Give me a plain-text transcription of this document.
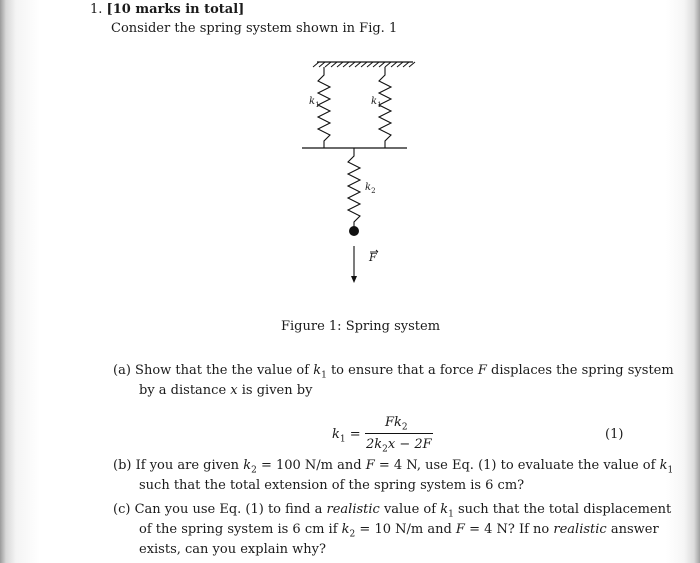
1. [10 marks in total]
Consider the spring system shown in Fig. 1
$k_1$	$k_1$
$k_2$
F
Figure 1: Spring system
(a) Show that the the value of $k_1$ to ensure that a force F displaces the spring system
by a distance x is given by
$k_1$ =
$Fk_2$
$2k_2x - 2F$
(1)
(b) If you are given $k_2 = 100$ N/m and F = 4 N, use Eq. (1) to evaluate the value of $k_1$
such that the total extension of the spring system is 6 cm?
(c) Can you use Eq. (1) to find a realistic value of $k_1$ such that the total displacement
of the spring system is 6 cm if $k_2 = 10$ N/m and F = 4 N? If no realistic answer
exists, can you explain why?
